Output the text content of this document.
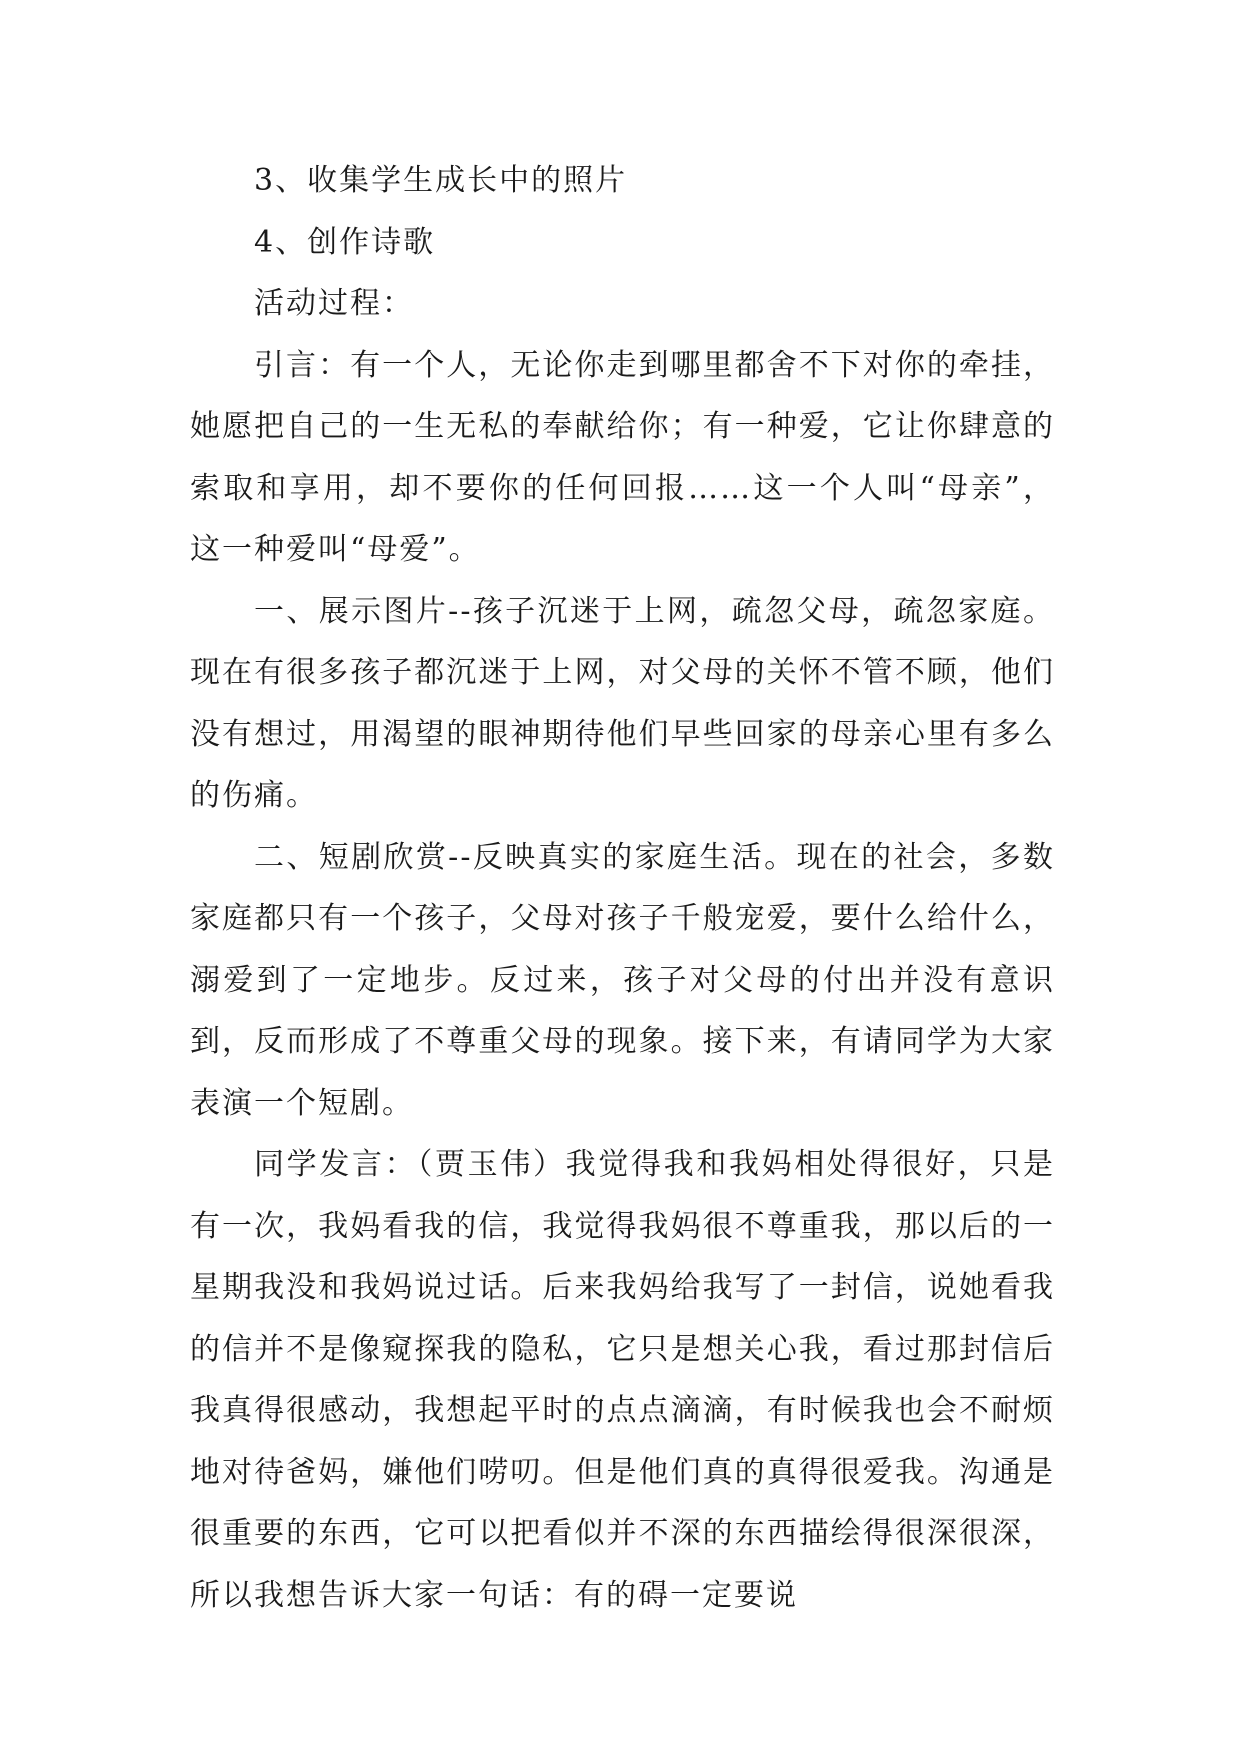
3、收集学生成长中的照片

4、创作诗歌

活动过程：

引言：有一个人，无论你走到哪里都舍不下对你的牵挂，她愿把自己的一生无私的奉献给你；有一种爱，它让你肆意的索取和享用，却不要你的任何回报……这一个人叫“母亲”，这一种爱叫“母爱”。

一、展示图片--孩子沉迷于上网，疏忽父母，疏忽家庭。现在有很多孩子都沉迷于上网，对父母的关怀不管不顾，他们没有想过，用渴望的眼神期待他们早些回家的母亲心里有多么的伤痛。

二、短剧欣赏--反映真实的家庭生活。现在的社会，多数家庭都只有一个孩子，父母对孩子千般宠爱，要什么给什么，溺爱到了一定地步。反过来，孩子对父母的付出并没有意识到，反而形成了不尊重父母的现象。接下来，有请同学为大家表演一个短剧。

同学发言：（贾玉伟）我觉得我和我妈相处得很好，只是有一次，我妈看我的信，我觉得我妈很不尊重我，那以后的一星期我没和我妈说过话。后来我妈给我写了一封信，说她看我的信并不是像窥探我的隐私，它只是想关心我，看过那封信后我真得很感动，我想起平时的点点滴滴，有时候我也会不耐烦地对待爸妈，嫌他们唠叨。但是他们真的真得很爱我。沟通是很重要的东西，它可以把看似并不深的东西描绘得很深很深，所以我想告诉大家一句话：有的碍一定要说
